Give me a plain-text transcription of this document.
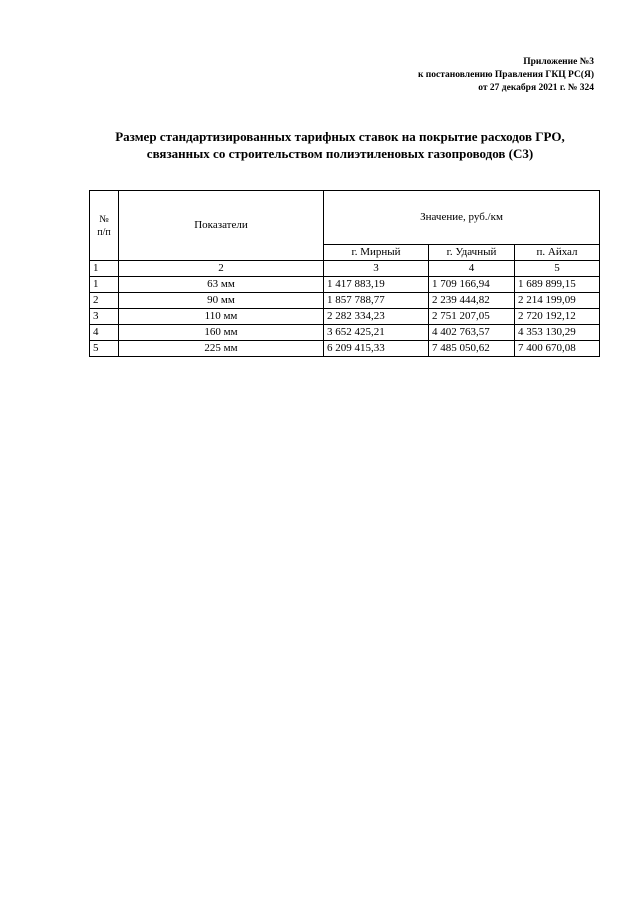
Приложение №3
к постановлению Правления ГКЦ РС(Я)
от 27 декабря 2021 г. № 324
Размер стандартизированных тарифных ставок на покрытие расходов ГРО,
связанных со строительством полиэтиленовых газопроводов (С3)
№
п/п	Показатели	Значение, руб./км		
		г. Мирный	г. Удачный	п. Айхал
1	2	3	4	5
1	63 мм	1 417 883,19	1 709 166,94	1 689 899,15
2	90 мм	1 857 788,77	2 239 444,82	2 214 199,09
3	110 мм	2 282 334,23	2 751 207,05	2 720 192,12
4	160 мм	3 652 425,21	4 402 763,57	4 353 130,29
5	225 мм	6 209 415,33	7 485 050,62	7 400 670,08
